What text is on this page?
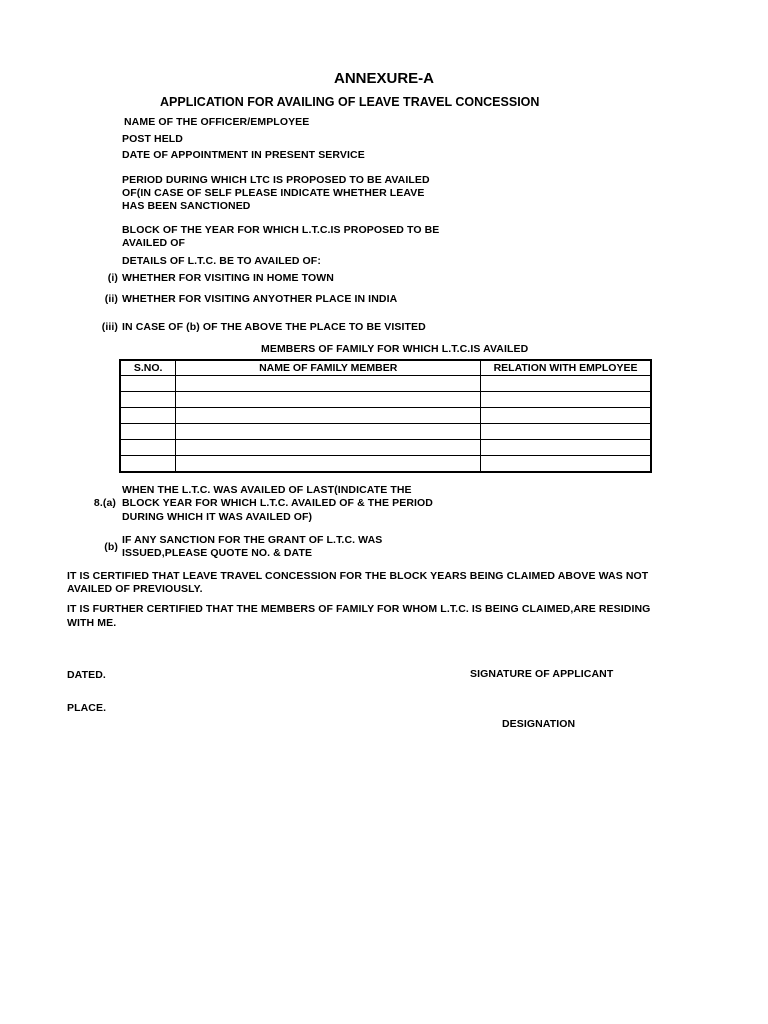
ANNEXURE-A
APPLICATION FOR AVAILING OF LEAVE TRAVEL CONCESSION
NAME OF THE OFFICER/EMPLOYEE
POST HELD
DATE OF APPOINTMENT IN PRESENT SERVICE
PERIOD DURING WHICH LTC IS PROPOSED TO BE AVAILED
OF(IN CASE OF SELF PLEASE INDICATE WHETHER LEAVE
HAS BEEN SANCTIONED
BLOCK OF THE YEAR FOR WHICH L.T.C.IS PROPOSED TO BE
AVAILED OF
DETAILS OF L.T.C. BE TO AVAILED OF:
(i) WHETHER FOR VISITING IN HOME TOWN
(ii) WHETHER FOR VISITING ANYOTHER PLACE IN INDIA
(iii) IN CASE OF (b) OF THE ABOVE THE PLACE TO BE VISITED
MEMBERS OF FAMILY FOR WHICH L.T.C.IS AVAILED
S.NO.	NAME OF FAMILY MEMBER	RELATION WITH EMPLOYEE

WHEN THE L.T.C. WAS AVAILED OF LAST(INDICATE THE
8.(a) BLOCK YEAR FOR WHICH L.T.C. AVAILED OF & THE PERIOD
DURING WHICH IT WAS AVAILED OF)
IF ANY SANCTION FOR THE GRANT OF L.T.C. WAS
(b) ISSUED,PLEASE QUOTE NO. & DATE
IT IS CERTIFIED THAT LEAVE TRAVEL CONCESSION FOR THE BLOCK YEARS BEING CLAIMED ABOVE WAS NOT
AVAILED OF PREVIOUSLY.
IT IS FURTHER CERTIFIED THAT THE MEMBERS OF FAMILY FOR WHOM L.T.C. IS BEING CLAIMED,ARE RESIDING
WITH ME.
DATED.	SIGNATURE OF APPLICANT
PLACE.
DESIGNATION
